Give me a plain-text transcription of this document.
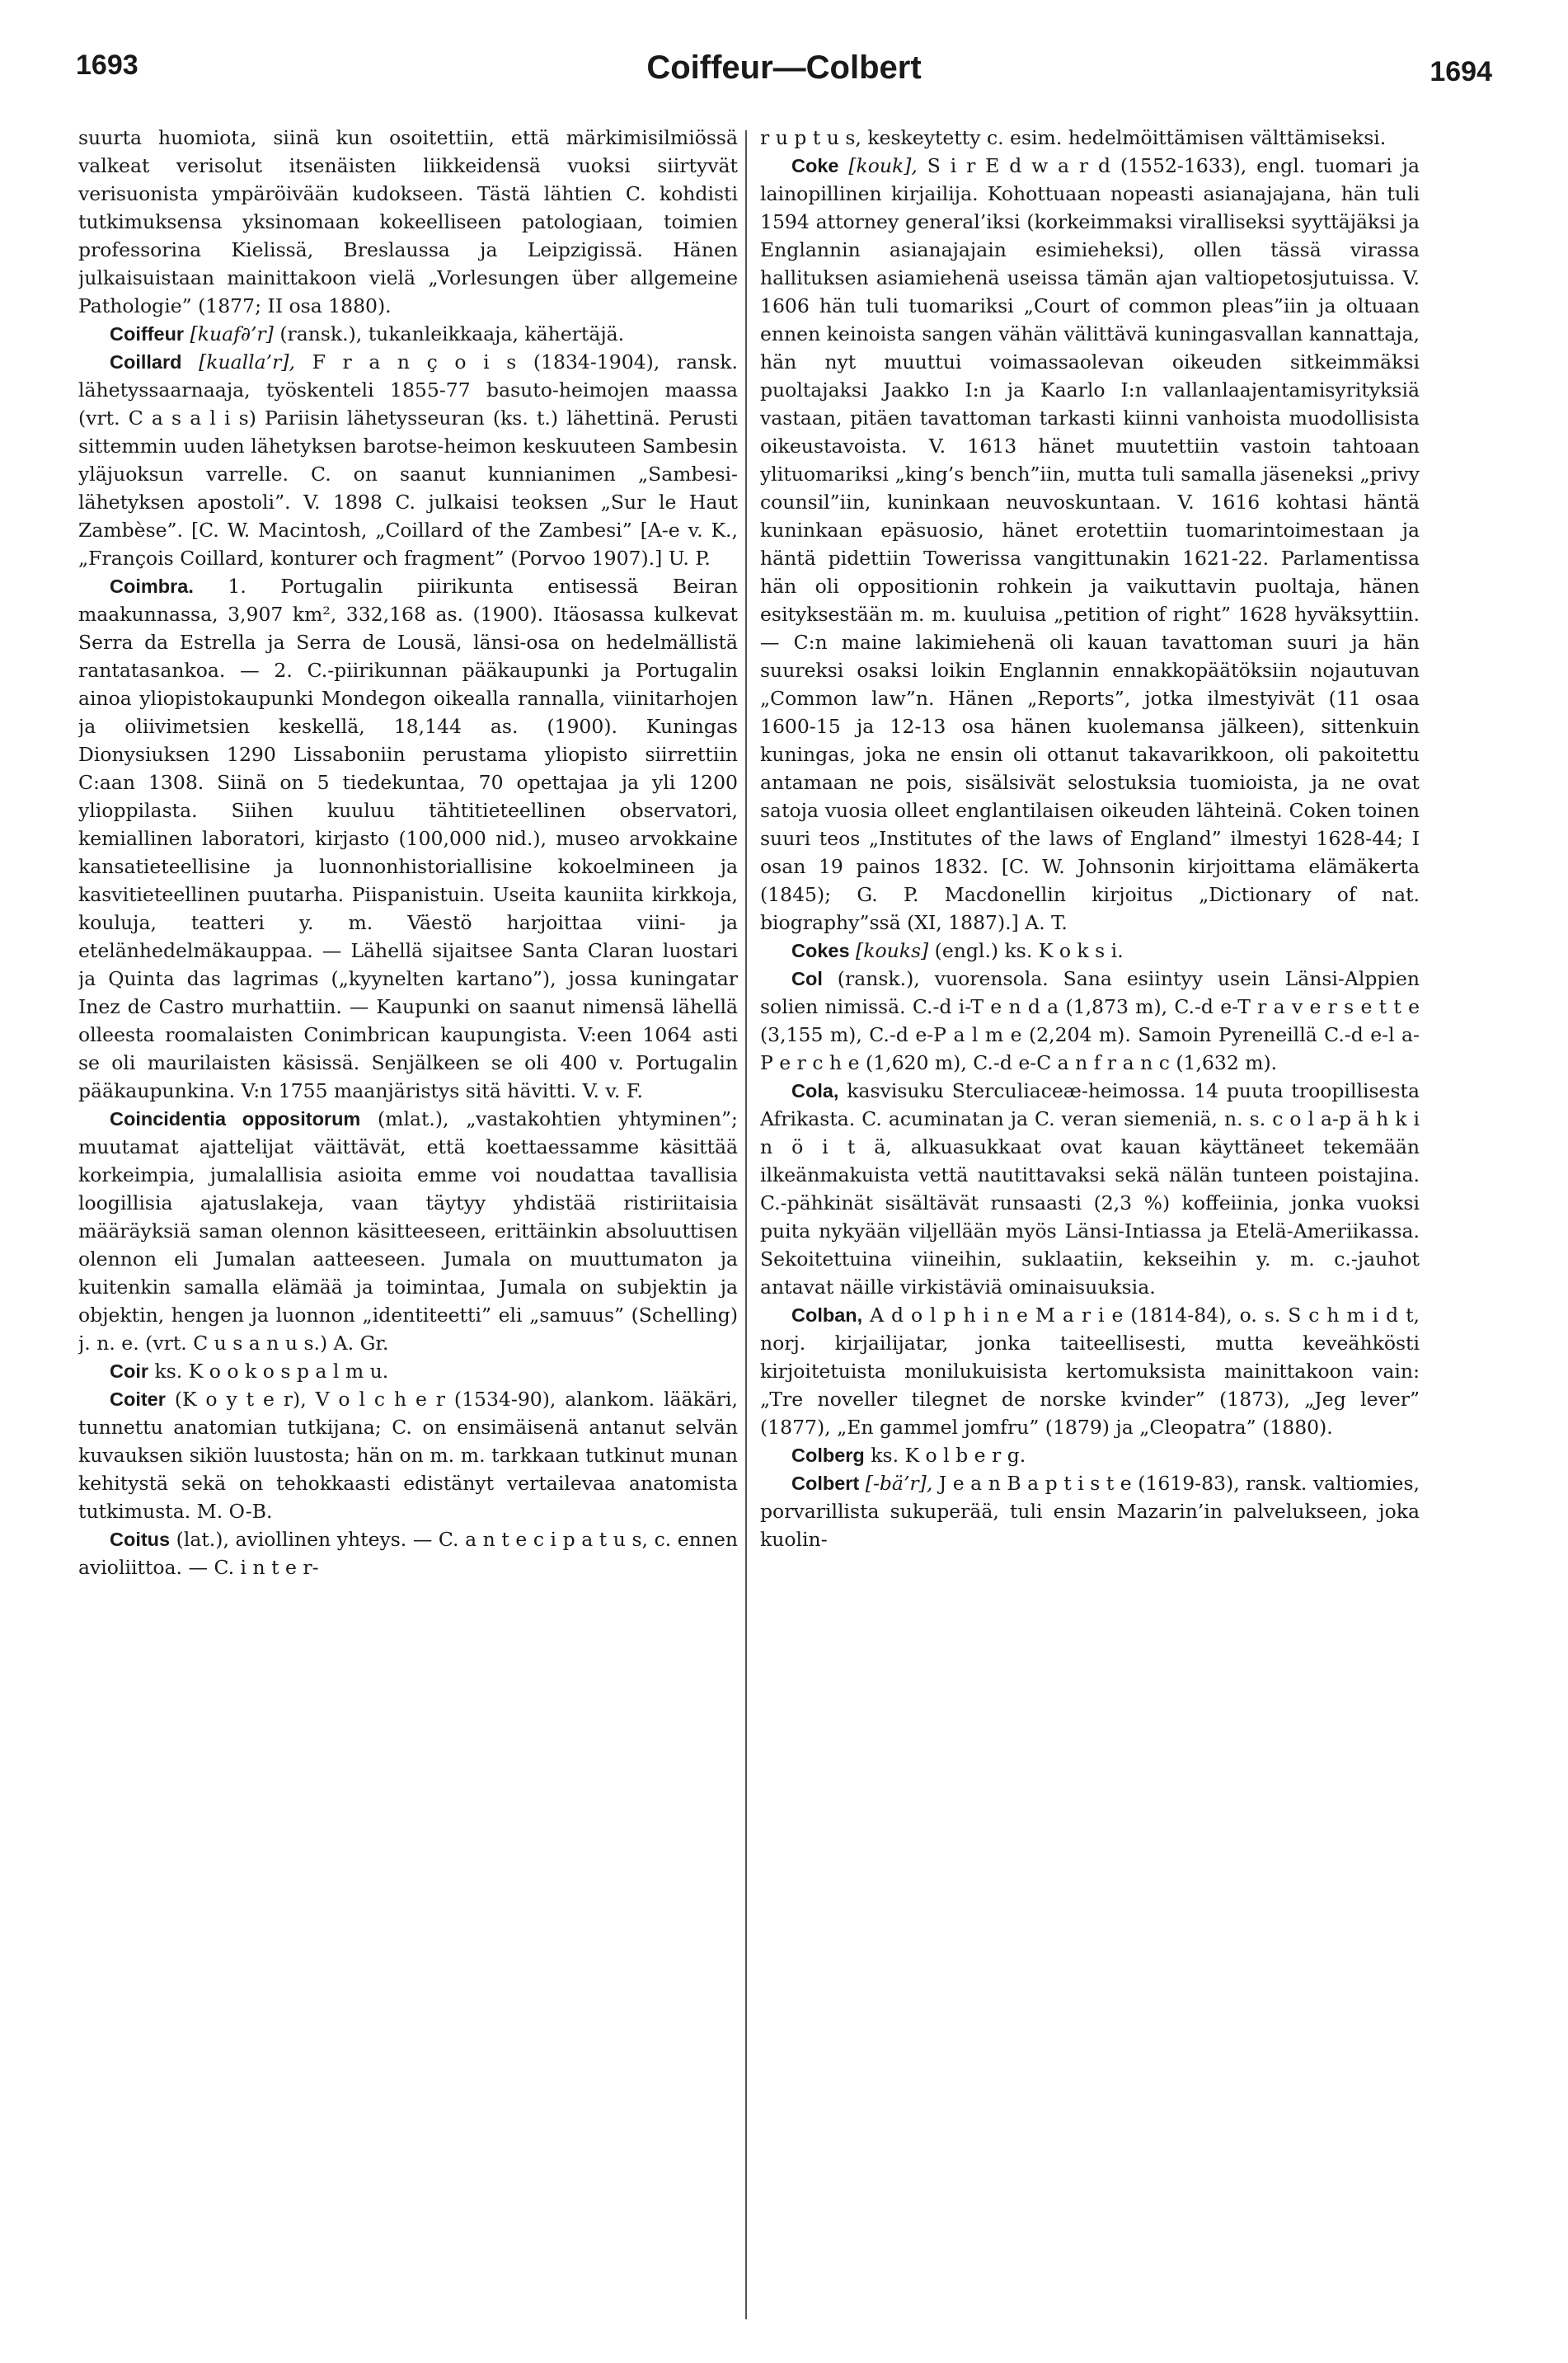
1693	Coiffeur—Colbert	1694

suurta huomiota, siinä kun osoitettiin, että märkimisilmiössä valkeat verisolut itsenäisten liikkeidensä vuoksi siirtyvät verisuonista ympäröivään kudokseen. Tästä lähtien C. kohdisti tutkimuksensa yksinomaan kokeelliseen patologiaan, toimien professorina Kielissä, Breslaussa ja Leipzigissä. Hänen julkaisuistaan mainittakoon vielä „Vorlesungen über allgemeine Pathologie” (1877; II osa 1880).

Coiffeur [kuaf∂’r] (ransk.), tukanleikkaaja, kähertäjä.

Coillard [kualla’r], F r a n ç o i s (1834-1904), ransk. lähetyssaarnaaja, työskenteli 1855-77 basuto-heimojen maassa (vrt. C a s a l i s) Pariisin lähetysseuran (ks. t.) lähettinä. Perusti sittemmin uuden lähetyksen barotse-heimon keskuuteen Sambesin yläjuoksun varrelle. C. on saanut kunnianimen „Sambesi-lähetyksen apostoli”. V. 1898 C. julkaisi teoksen „Sur le Haut Zambèse”. [C. W. Macintosh, „Coillard of the Zambesi” [A-e v. K., „François Coillard, konturer och fragment” (Porvoo 1907).] U. P.

Coimbra. 1. Portugalin piirikunta entisessä Beiran maakunnassa, 3,907 km², 332,168 as. (1900). Itäosassa kulkevat Serra da Estrella ja Serra de Lousä, länsi-osa on hedelmällistä rantatasankoa. — 2. C.-piirikunnan pääkaupunki ja Portugalin ainoa yliopistokaupunki Mondegon oikealla rannalla, viinitarhojen ja oliivimetsien keskellä, 18,144 as. (1900). Kuningas Dionysiuksen 1290 Lissaboniin perustama yliopisto siirrettiin C:aan 1308. Siinä on 5 tiedekuntaa, 70 opettajaa ja yli 1200 ylioppilasta. Siihen kuuluu tähtitieteellinen observatori, kemiallinen laboratori, kirjasto (100,000 nid.), museo arvokkaine kansatieteellisine ja luonnonhistoriallisine kokoelmineen ja kasvitieteellinen puutarha. Piispanistuin. Useita kauniita kirkkoja, kouluja, teatteri y. m. Väestö harjoittaa viini- ja etelänhedelmäkauppaa. — Lähellä sijaitsee Santa Claran luostari ja Quinta das lagrimas („kyynelten kartano”), jossa kuningatar Inez de Castro murhattiin. — Kaupunki on saanut nimensä lähellä olleesta roomalaisten Conimbrican kaupungista. V:een 1064 asti se oli maurilaisten käsissä. Senjälkeen se oli 400 v. Portugalin pääkaupunkina. V:n 1755 maanjäristys sitä hävitti. V. v. F.

Coincidentia oppositorum (mlat.), „vastakohtien yhtyminen”; muutamat ajattelijat väittävät, että koettaessamme käsittää korkeimpia, jumalallisia asioita emme voi noudattaa tavallisia loogillisia ajatuslakeja, vaan täytyy yhdistää ristiriitaisia määräyksiä saman olennon käsitteeseen, erittäinkin absoluuttisen olennon eli Jumalan aatteeseen. Jumala on muuttumaton ja kuitenkin samalla elämää ja toimintaa, Jumala on subjektin ja objektin, hengen ja luonnon „identiteetti” eli „samuus” (Schelling) j. n. e. (vrt. C u s a n u s.) A. Gr.

Coir ks. K o o k o s p a l m u.

Coiter (K o y t e r), V o l c h e r (1534-90), alankom. lääkäri, tunnettu anatomian tutkijana; C. on ensimäisenä antanut selvän kuvauksen sikiön luustosta; hän on m. m. tarkkaan tutkinut munan kehitystä sekä on tehokkaasti edistänyt vertailevaa anatomista tutkimusta. M. O-B.

Coitus (lat.), aviollinen yhteys. — C. a n t e c i p a t u s, c. ennen avioliittoa. — C. i n t e r-

r u p t u s, keskeytetty c. esim. hedelmöittämisen välttämiseksi.

Coke [kouk], S i r E d w a r d (1552-1633), engl. tuomari ja lainopillinen kirjailija. Kohottuaan nopeasti asianajajana, hän tuli 1594 attorney general’iksi (korkeimmaksi viralliseksi syyttäjäksi ja Englannin asianajajain esimieheksi), ollen tässä virassa hallituksen asiamiehenä useissa tämän ajan valtiopetosjutuissa. V. 1606 hän tuli tuomariksi „Court of common pleas”iin ja oltuaan ennen keinoista sangen vähän välittävä kuningasvallan kannattaja, hän nyt muuttui voimassaolevan oikeuden sitkeimmäksi puoltajaksi Jaakko I:n ja Kaarlo I:n vallanlaajentamisyrityksiä vastaan, pitäen tavattoman tarkasti kiinni vanhoista muodollisista oikeustavoista. V. 1613 hänet muutettiin vastoin tahtoaan ylituomariksi „king’s bench”iin, mutta tuli samalla jäseneksi „privy counsil”iin, kuninkaan neuvoskuntaan. V. 1616 kohtasi häntä kuninkaan epäsuosio, hänet erotettiin tuomarintoimestaan ja häntä pidettiin Towerissa vangittunakin 1621-22. Parlamentissa hän oli oppositionin rohkein ja vaikuttavin puoltaja, hänen esityksestään m. m. kuuluisa „petition of right” 1628 hyväksyttiin. — C:n maine lakimiehenä oli kauan tavattoman suuri ja hän suureksi osaksi loikin Englannin ennakkopäätöksiin nojautuvan „Common law”n. Hänen „Reports”, jotka ilmestyivät (11 osaa 1600-15 ja 12-13 osa hänen kuolemansa jälkeen), sittenkuin kuningas, joka ne ensin oli ottanut takavarikkoon, oli pakoitettu antamaan ne pois, sisälsivät selostuksia tuomioista, ja ne ovat satoja vuosia olleet englantilaisen oikeuden lähteinä. Coken toinen suuri teos „Institutes of the laws of England” ilmestyi 1628-44; I osan 19 painos 1832. [C. W. Johnsonin kirjoittama elämäkerta (1845); G. P. Macdonellin kirjoitus „Dictionary of nat. biography”ssä (XI, 1887).] A. T.

Cokes [kouks] (engl.) ks. K o k s i.

Col (ransk.), vuorensola. Sana esiintyy usein Länsi-Alppien solien nimissä. C.-d i-T e n d a (1,873 m), C.-d e-T r a v e r s e t t e (3,155 m), C.-d e-P a l m e (2,204 m). Samoin Pyreneillä C.-d e-l a-P e r c h e (1,620 m), C.-d e-C a n f r a n c (1,632 m).

Cola, kasvisuku Sterculiaceæ-heimossa. 14 puuta troopillisesta Afrikasta. C. acuminatan ja C. veran siemeniä, n. s. c o l a-p ä h k i n ö i t ä, alkuasukkaat ovat kauan käyttäneet tekemään ilkeänmakuista vettä nautittavaksi sekä nälän tunteen poistajina. C.-pähkinät sisältävät runsaasti (2,3 %) koffeiinia, jonka vuoksi puita nykyään viljellään myös Länsi-Intiassa ja Etelä-Ameriikassa. Sekoitettuina viineihin, suklaatiin, kekseihin y. m. c.-jauhot antavat näille virkistäviä ominaisuuksia.

Colban, A d o l p h i n e M a r i e (1814-84), o. s. S c h m i d t, norj. kirjailijatar, jonka taiteellisesti, mutta keveähkösti kirjoitetuista monilukuisista kertomuksista mainittakoon vain: „Tre noveller tilegnet de norske kvinder” (1873), „Jeg lever” (1877), „En gammel jomfru” (1879) ja „Cleopatra” (1880).

Colberg ks. K o l b e r g.

Colbert [-bä’r], J e a n B a p t i s t e (1619-83), ransk. valtiomies, porvarillista sukuperää, tuli ensin Mazarin’in palvelukseen, joka kuolin-
